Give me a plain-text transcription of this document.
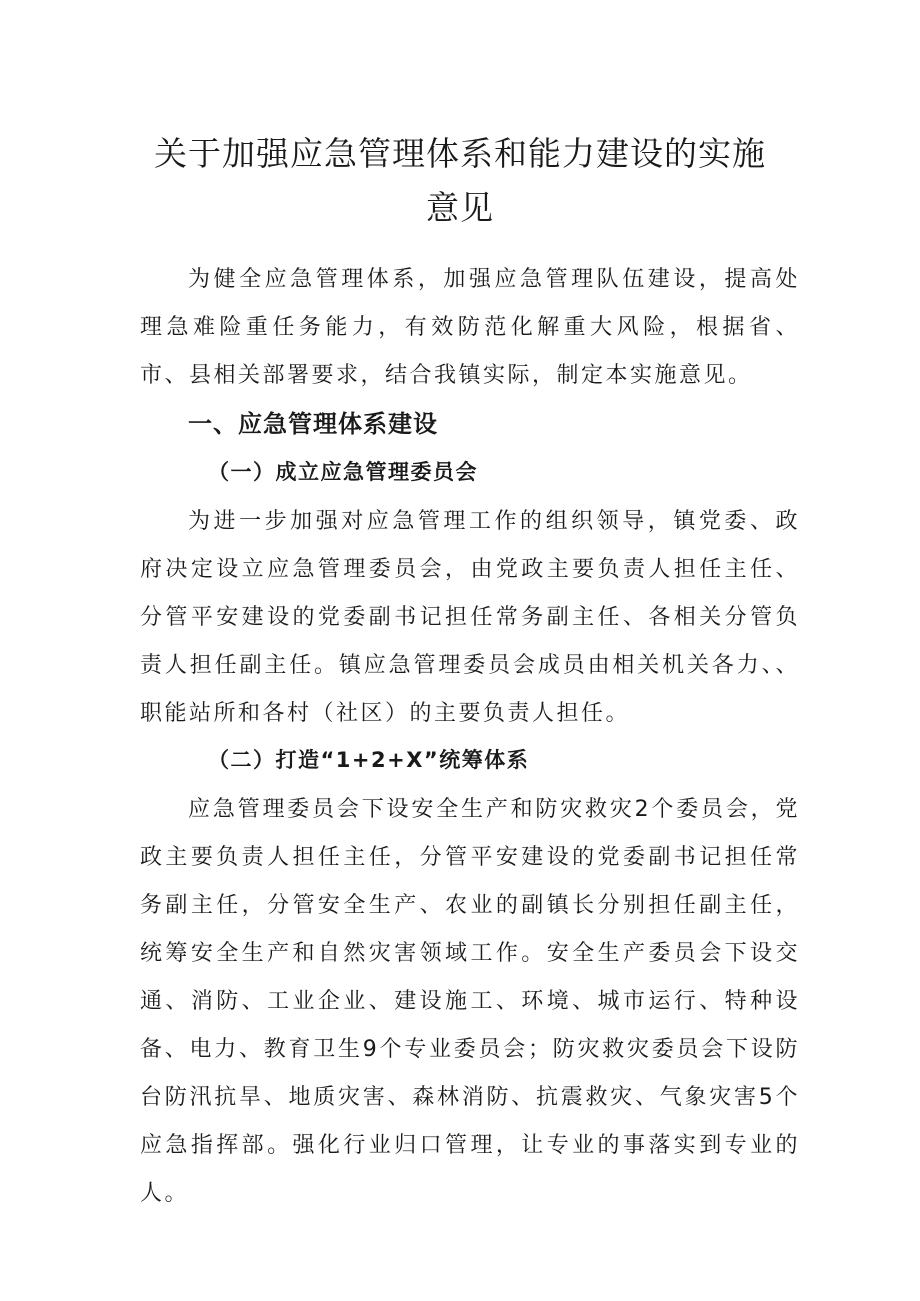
关于加强应急管理体系和能力建设的实施
意见

为健全应急管理体系，加强应急管理队伍建设，提高处理急难险重任务能力，有效防范化解重大风险，根据省、市、县相关部署要求，结合我镇实际，制定本实施意见。

一、应急管理体系建设
（一）成立应急管理委员会

为进一步加强对应急管理工作的组织领导，镇党委、政府决定设立应急管理委员会，由党政主要负责人担任主任、分管平安建设的党委副书记担任常务副主任、各相关分管负责人担任副主任。镇应急管理委员会成员由相关机关各力、、职能站所和各村（社区）的主要负责人担任。

（二）打造“1+2+X”统筹体系

应急管理委员会下设安全生产和防灾救灾2个委员会，党政主要负责人担任主任，分管平安建设的党委副书记担任常务副主任，分管安全生产、农业的副镇长分别担任副主任，统筹安全生产和自然灾害领域工作。安全生产委员会下设交通、消防、工业企业、建设施工、环境、城市运行、特种设备、电力、教育卫生9个专业委员会；防灾救灾委员会下设防台防汛抗旱、地质灾害、森林消防、抗震救灾、气象灾害5个应急指挥部。强化行业归口管理，让专业的事落实到专业的人。
